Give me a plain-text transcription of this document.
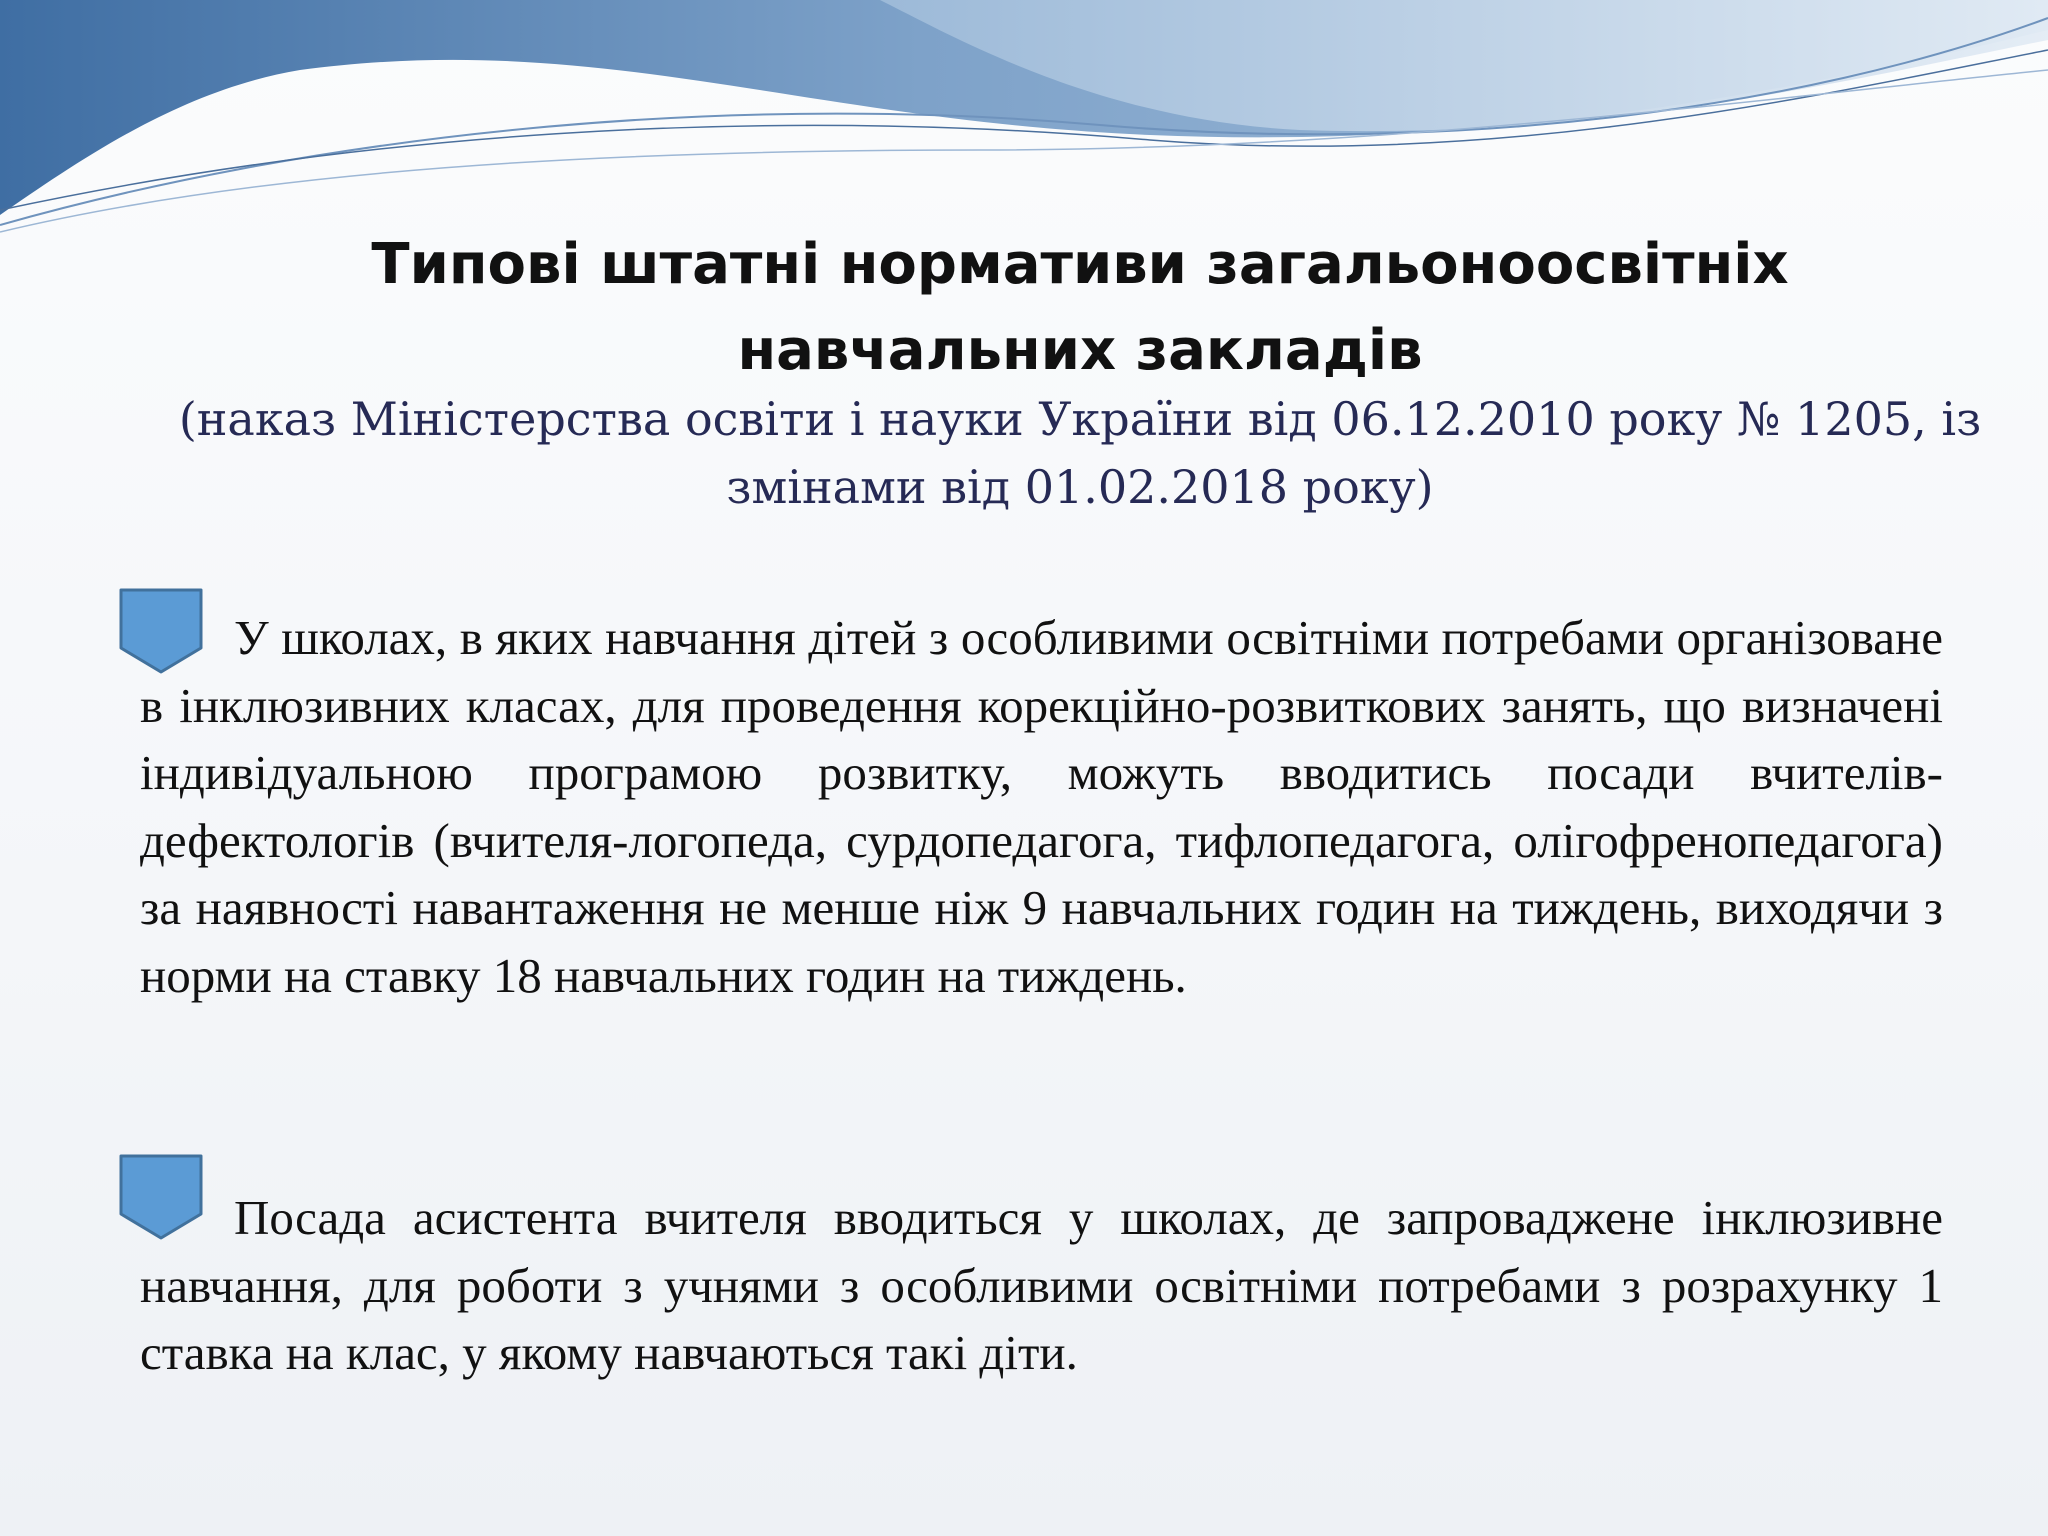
Типові штатні нормативи загальоноосвітніх навчальних закладів

(наказ Міністерства освіти і науки України від 06.12.2010 року № 1205, із змінами від 01.02.2018 року)

У школах, в яких навчання дітей з особливими освітніми потребами організоване в інклюзивних класах, для проведення корекційно-розвиткових занять, що визначені індивідуальною програмою розвитку, можуть вводитись посади вчителів-дефектологів (вчителя-логопеда, сурдопедагога, тифлопедагога, олігофренопедагога) за наявності навантаження не менше ніж 9 навчальних годин на тиждень, виходячи з норми на ставку 18 навчальних годин на тиждень.

Посада асистента вчителя вводиться у школах, де запроваджене інклюзивне навчання, для роботи з учнями з особливими освітніми потребами з розрахунку 1 ставка на клас, у якому навчаються такі діти.
